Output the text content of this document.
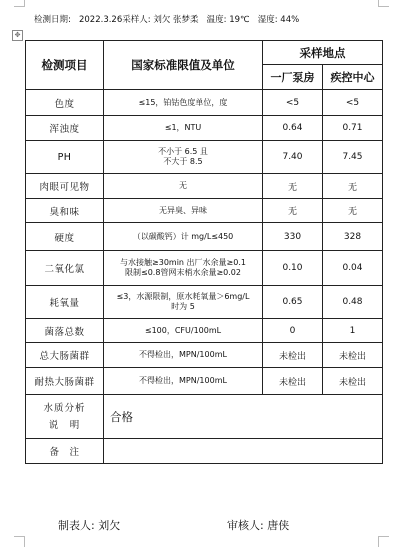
检测日期: 2022.3.26采样人: 刘欠 张梦柔 温度: 19℃ 湿度: 44%
✥
检测项目	国家标准限值及单位	采样地点	
		一厂泵房	疾控中心
色度	≤15，铂钴色度单位，度	<5	<5
浑浊度	≤1，NTU	0.64	0.71
PH	不小于 6.5 且
不大于 8.5	7.40	7.45
肉眼可见物	无	无	无
臭和味	无异臭、异味	无	无
硬度	（以碳酸钙）计 mg/L≤450	330	328
二氧化氯	与水接触≥30min 出厂水余量≥0.1
限制≤0.8管网末梢水余量≥0.02	0.10	0.04
耗氧量	≤3，水源限制，原水耗氧量＞6mg/L
时为 5	0.65	0.48
菌落总数	≤100，CFU/100mL	0	1
总大肠菌群	不得检出，MPN/100mL	未检出	未检出
耐热大肠菌群	不得检出，MPN/100mL	未检出	未检出
水质分析
说　明	合格		
备　注			
制表人: 刘欠	审核人: 唐侠
